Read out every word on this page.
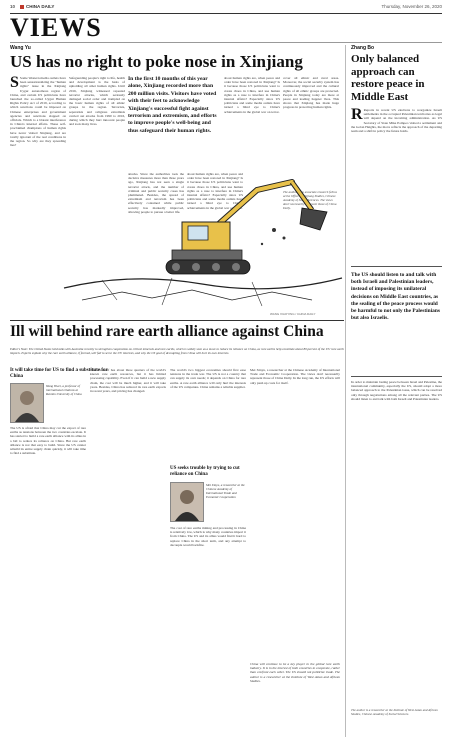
10 CHINA DAILY	Thursday, November 26, 2020
VIEWS
Wang Yu
US has no right to poke nose in Xinjiang
S Some Western media outlets have been sensationalizing the "human rights" issue in the Xinjiang Uygur autonomous region of China, and certain US politicians have launched the so-called Uygur Human Rights Policy Act of 2019, according to which sanctions could be imposed on Chinese enterprises and government agencies and sanctions slapped on officials. Which is a blatant interference in China's internal affairs. These self-proclaimed champions of human rights have never visited Xinjiang, and are totally ignorant of the real conditions in the region. So why are they spreading lies?
Safeguarding people's right to life, health and development is the basis of upholding all other human rights. Until 2016, Xinjiang witnessed repeated terrorist attacks, which seriously damaged social order and trampled on the basic human rights of all ethnic groups in the region. Terrorists, separatists and religious extremists carried out attacks from 1990 to 2016, during which they hurt innocent people and took many lives.
In the first 10 months of this year alone, Xinjiang recorded more than 200 million visits. Visitors have voted with their feet to acknowledge Xinjiang's successful fight against terrorism and extremism, and efforts to improve people's well-being and thus safeguard their human rights.
attacks. Since the authorities took the decisive measures more than three years ago, Xinjiang has not seen a single terrorist attack, and the number of criminal and public security cases has plummeted. Besides, the spread of extremism and terrorism has been effectively contained while public security has markedly improved, allowing people to pursue a better life.
about human rights are, when peace and order have been restored in Xinjiang? Is it because those US politicians want to create chaos in China, and use human rights as a ruse to interfere in China's internal affairs? Especially since US politicians and some media outlets have turned a blind eye to China's achievements in the global war on terror.
about human rights are, when peace and order have been restored in Xinjiang? Is it because those US politicians want to create chaos in China, and use human rights as a ruse to interfere in China's internal affairs? Especially since US politicians and some media outlets have turned a blind eye to China's achievements in the global war on terror.
cover all ethnic and rural areas. Moreover, the social security system has continuously improved and the cultural rights of all ethnic groups are protected. People in Xinjiang today are more at peace and leading happier lives. This shows that Xinjiang has made huge progress in protecting human rights.
The author is an associate research fellow at the Office of Xinjiang Studies, Chinese Academy of Social Sciences. The views don't necessarily represent those of China Daily.
Zhang Bo
Only balanced approach can restore peace in Middle East
R Reports in recent US elections to reorganize Israeli settlements in the occupied Palestinian territories as legal will depend on the incoming administration. As US Secretary of State Mike Pompeo visited a settlement and the Golan Heights, the move reflects the approach of the departing team and a shift in policy the future holds.
The US should listen to and talk with both Israeli and Palestinian leaders, instead of imposing its unilateral decisions on Middle East countries, as the sealing of the peace process would be harmful to not only the Palestinians but also Israelis.
In order to maintain lasting peace between Israel and Palestine, the international community, especially the US, should adopt a more balanced approach to the Palestinian issue, which can be resolved only through negotiations among all the relevant parties. The US should listen to and talk with both Israeli and Palestinian leaders.
The author is a researcher at the Institute of West Asian and African Studies, Chinese Academy of Social Sciences.
WANG XIAOYING / CHINA DAILY
Ill will behind rare earth alliance against China
Editor's Note: The United States held talks with Australia recently to strengthen cooperation on critical minerals and rare earths, which is widely seen as a move to reduce its reliance on China, as rare earths help constitute about 80 percent of the US' rare earth imports. Experts explain why the rare earth alliance, if formed, will fail to serve the US' interests, and why the US goal of decoupling from China will hurt its own interests.
It will take time for US to find a substitute for China
Wang Yiwei, a professor of international relations at Renmin University of China
The US is afraid that China may cut the export of rare earths as tensions between the two countries escalate. It has started to build a rare earth alliance with its allies in a bid to reduce its reliance on China. But rare earth alliance is not that easy to build. Since the US cannot rebuild its entire supply chain quickly, it will take time to find a substitute.
The US itself has about three quarters of the world's known rare earth resources, but it has limited processing capability. Even if it can build a new supply chain, the cost will be much higher, and it will take years. Besides, China has reduced its rare earth exports in recent years, and pricing has changed.
The world's two biggest economies should first ease tensions in the trade war. The US is not a country that can supply its own needs; it depends on China for rare earths. A rare earth alliance will only hurt the interests of the US companies. China remains a reliable supplier.
US seeks trouble by trying to cut reliance on China
Mei Xinyu, a researcher at the Chinese Academy of International Trade and Economic Cooperation
The cost of rare earths mining and processing in China is relatively low, which is why many countries import it from China. The US and its allies would find it hard to replace China in the short term, and any attempt to decouple would backfire.
Mei Xinyu, a researcher at the Chinese Academy of International Trade and Economic Cooperation. The views don't necessarily represent those of China Daily. In the long run, the US efforts will only push up costs for itself.
China will continue to be a key player in the global rare earth industry. It is in the interest of both countries to cooperate, rather than confront each other. The US should not politicize trade. The author is a researcher at the Institute of West Asian and African Studies.
